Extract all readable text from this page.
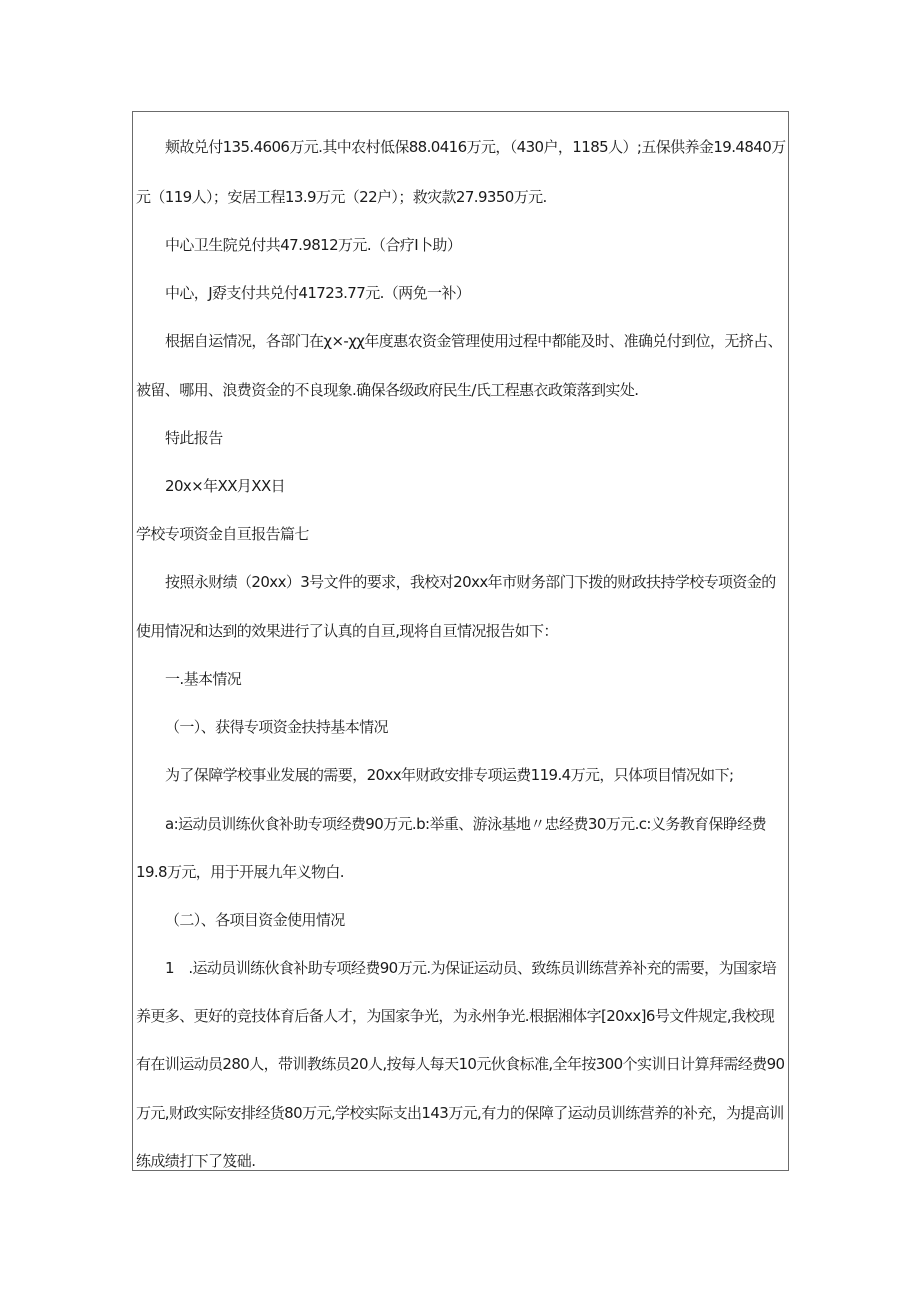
颊故兑付135.4606万元.其中农村低保88.0416万元，（430户，1185人）;五保供养金19.4840万
元（119人）；安居工程13.9万元（22户）；救灾款27.9350万元.
中心卫生院兑付共47.9812万元.（合疗I卜助）
中心，J孬支付共兑付41723.77元.（两免一补）
根据自运情况，各部门在χ×-χχ年度惠农资金管理使用过程中都能及时、准确兑付到位，无挤占、
被留、哪用、浪费资金的不良现象.确保各级政府民生/氏工程惠衣政策落到实处.
特此报告
20x×年XX月XX日
学校专项资金自亘报告篇七
按照永财绩（20xx）3号文件的要求，我校对20xx年市财务部门下拨的财政扶持学校专项资金的
使用情况和达到的效果进行了认真的自亘,现将自亘情况报告如下：
一.基本情况
（一）、获得专项资金扶持基本情况
为了保障学校事业发展的需要，20xx年财政安排专项运费119.4万元，只体项目情况如下;
a:运动员训练伙食补助专项经费90万元.b:举重、游泳基地〃忠经费30万元.c:义务教育保睁经费
19.8万元，用于开展九年义物白.
（二）、各项目资金使用情况
1　.运动员训练伙食补助专项经费90万元.为保证运动员、致练员训练营养补充的需要，为国家培
养更多、更好的竞技体育后备人才，为国家争光，为永州争光.根据湘体字[20xx]6号文件规定,我校现
有在训运动员280人，带训教练员20人,按每人每天10元伙食标准,全年按300个实训日计算拜需经费90
万元,财政实际安排经货80万元,学校实际支出143万元,有力的保障了运动员训练营养的补充，为提高训
练成绩打下了笈础.
